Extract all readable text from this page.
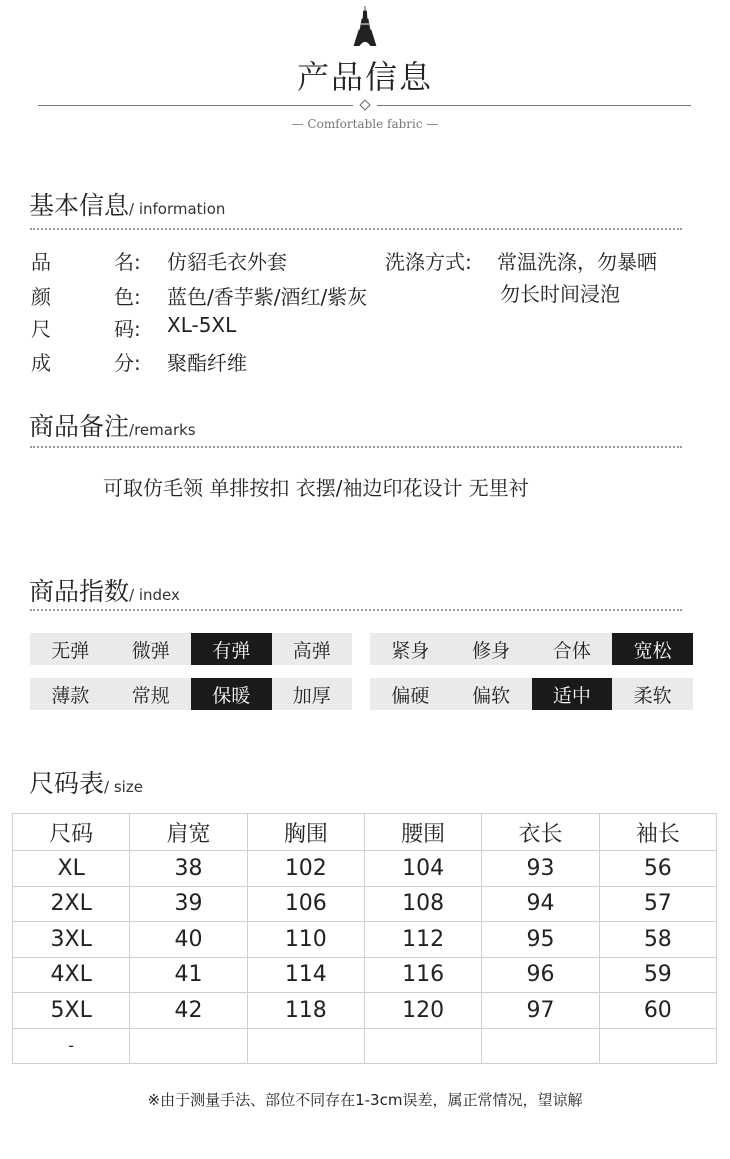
产品信息
— Comfortable fabric —
基本信息/ information
品	名: 仿貂毛衣外套
颜	色: 蓝色/香芋紫/酒红/紫灰
尺	码: XL-5XL
成	分: 聚酯纤维
洗涤方式: 常温洗涤，勿暴晒
勿长时间浸泡
商品备注/remarks
可取仿毛领 单排按扣 衣摆/袖边印花设计 无里衬
商品指数/ index
无弹	微弹	有弹	高弹	紧身	修身	合体	宽松
薄款	常规	保暖	加厚	偏硬	偏软	适中	柔软
尺码表/ size
尺码	肩宽	胸围	腰围	衣长	袖长
XL	38	102	104	93	56
2XL	39	106	108	94	57
3XL	40	110	112	95	58
4XL	41	114	116	96	59
5XL	42	118	120	97	60
-					
※由于测量手法、部位不同存在1-3cm误差，属正常情况，望谅解
